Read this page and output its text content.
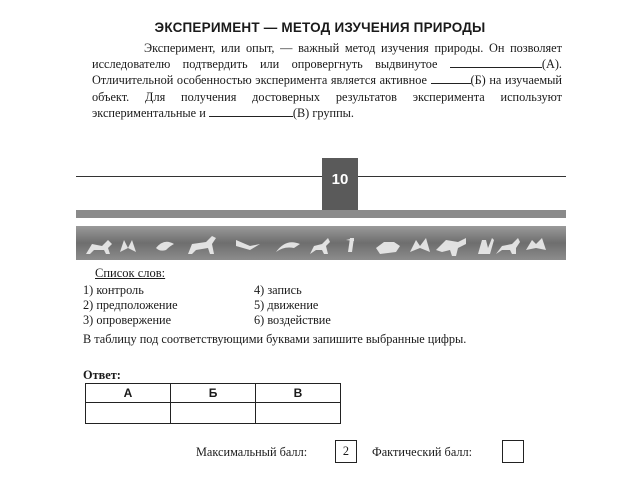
ЭКСПЕРИМЕНТ — МЕТОД ИЗУЧЕНИЯ ПРИРОДЫ
Эксперимент, или опыт, — важный метод изучения природы. Он позволяет исследователю подтвердить или опровергнуть выдвинутое	(А). Отличительной особенностью эксперимента является активное	(Б) на изучаемый объект. Для получения достоверных результатов эксперимента используют экспериментальные и	(В) группы.
10
Список слов:
1) контроль
2) предположение
3) опровержение
4) запись
5) движение
6) воздействие
В таблицу под соответствующими буквами запишите выбранные цифры.
Ответ:
А	Б	В

Максимальный балл:	2	Фактический балл:
